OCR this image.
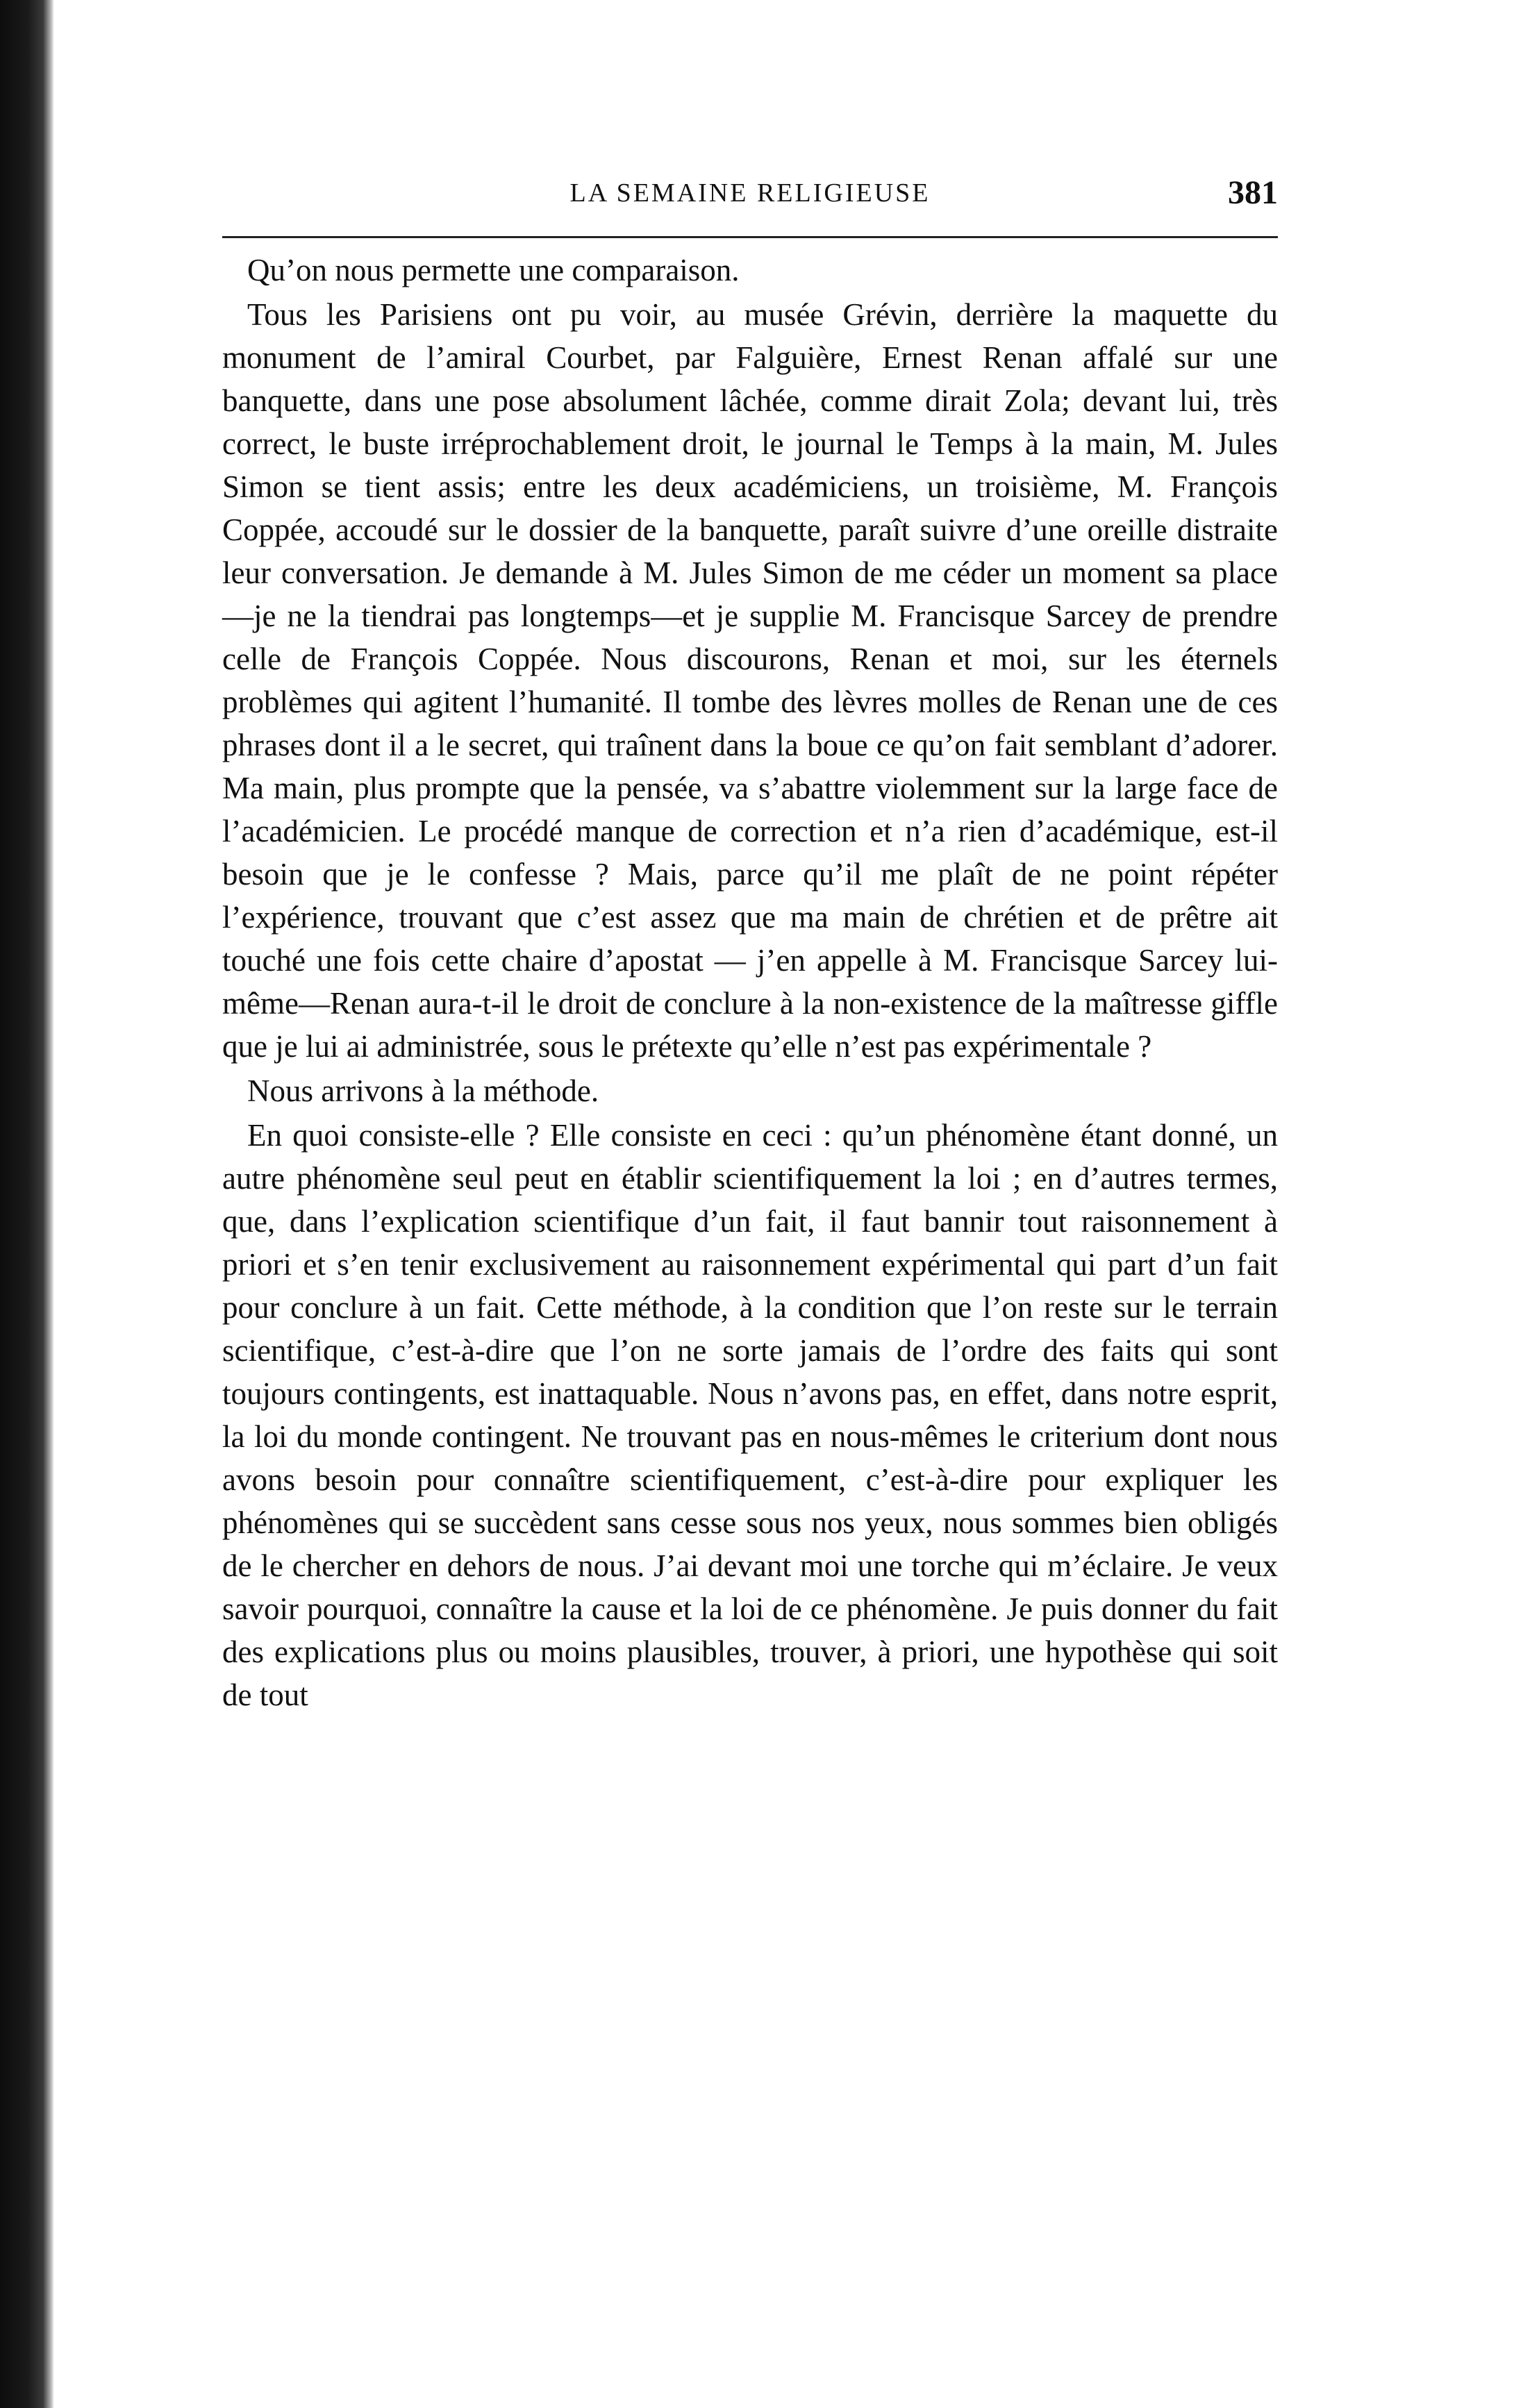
LA SEMAINE RELIGIEUSE	381

Qu’on nous permette une comparaison.

Tous les Parisiens ont pu voir, au musée Grévin, derrière la maquette du monument de l’amiral Courbet, par Falguière, Ernest Renan affalé sur une banquette, dans une pose absolument lâchée, comme dirait Zola; devant lui, très correct, le buste irréprochablement droit, le journal le Temps à la main, M. Jules Simon se tient assis; entre les deux académiciens, un troisième, M. François Coppée, accoudé sur le dossier de la banquette, paraît suivre d’une oreille distraite leur conversation. Je demande à M. Jules Simon de me céder un moment sa place —je ne la tiendrai pas longtemps—et je supplie M. Francisque Sarcey de prendre celle de François Coppée. Nous discourons, Renan et moi, sur les éternels problèmes qui agitent l’humanité. Il tombe des lèvres molles de Renan une de ces phrases dont il a le secret, qui traînent dans la boue ce qu’on fait semblant d’adorer. Ma main, plus prompte que la pensée, va s’abattre violemment sur la large face de l’académicien. Le procédé manque de correction et n’a rien d’académique, est-il besoin que je le confesse ? Mais, parce qu’il me plaît de ne point répéter l’expérience, trouvant que c’est assez que ma main de chrétien et de prêtre ait touché une fois cette chaire d’apostat — j’en appelle à M. Francisque Sarcey lui-même—Renan aura-t-il le droit de conclure à la non-existence de la maîtresse giffle que je lui ai administrée, sous le prétexte qu’elle n’est pas expérimentale ?

Nous arrivons à la méthode.

En quoi consiste-elle ? Elle consiste en ceci : qu’un phénomène étant donné, un autre phénomène seul peut en établir scientifiquement la loi ; en d’autres termes, que, dans l’explication scientifique d’un fait, il faut bannir tout raisonnement à priori et s’en tenir exclusivement au raisonnement expérimental qui part d’un fait pour conclure à un fait. Cette méthode, à la condition que l’on reste sur le terrain scientifique, c’est-à-dire que l’on ne sorte jamais de l’ordre des faits qui sont toujours contingents, est inattaquable. Nous n’avons pas, en effet, dans notre esprit, la loi du monde contingent. Ne trouvant pas en nous-mêmes le criterium dont nous avons besoin pour connaître scientifiquement, c’est-à-dire pour expliquer les phénomènes qui se succèdent sans cesse sous nos yeux, nous sommes bien obligés de le chercher en dehors de nous. J’ai devant moi une torche qui m’éclaire. Je veux savoir pourquoi, connaître la cause et la loi de ce phénomène. Je puis donner du fait des explications plus ou moins plausibles, trouver, à priori, une hypothèse qui soit de tout
